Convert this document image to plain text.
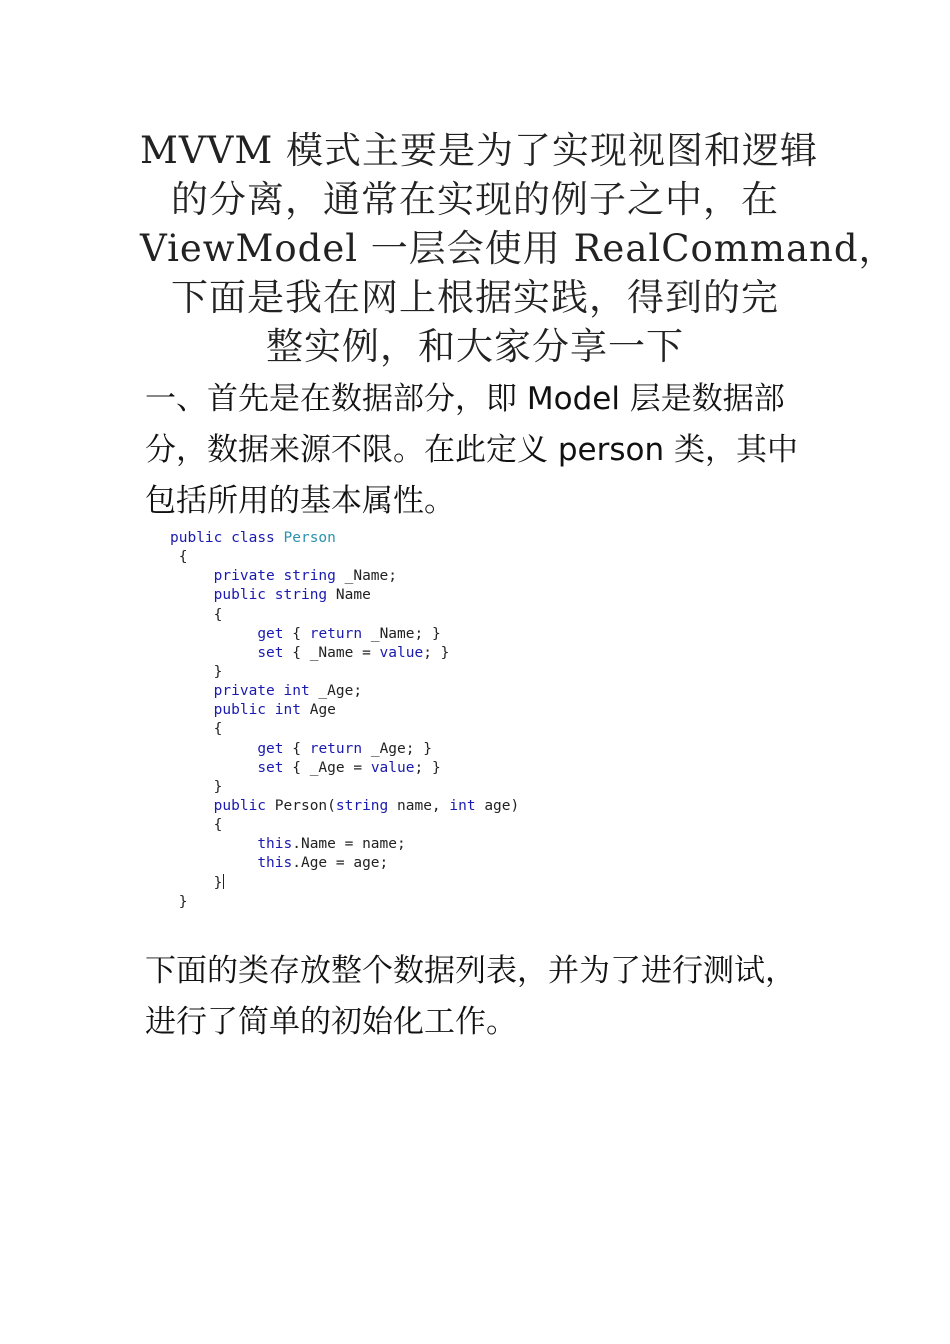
MVVM 模式主要是为了实现视图和逻辑
的分离，通常在实现的例子之中，在
ViewModel 一层会使用 RealCommand，
下面是我在网上根据实践，得到的完
整实例，和大家分享一下
一、首先是在数据部分，即 Model 层是数据部
分，数据来源不限。在此定义 person 类，其中
包括所用的基本属性。
public class Person
{
private string _Name;
public string Name
{
get { return _Name; }
set { _Name = value; }
}
private int _Age;
public int Age
{
get { return _Age; }
set { _Age = value; }
}
public Person(string name, int age)
{
this.Name = name;
this.Age = age;
}
}
下面的类存放整个数据列表，并为了进行测试，
进行了简单的初始化工作。
